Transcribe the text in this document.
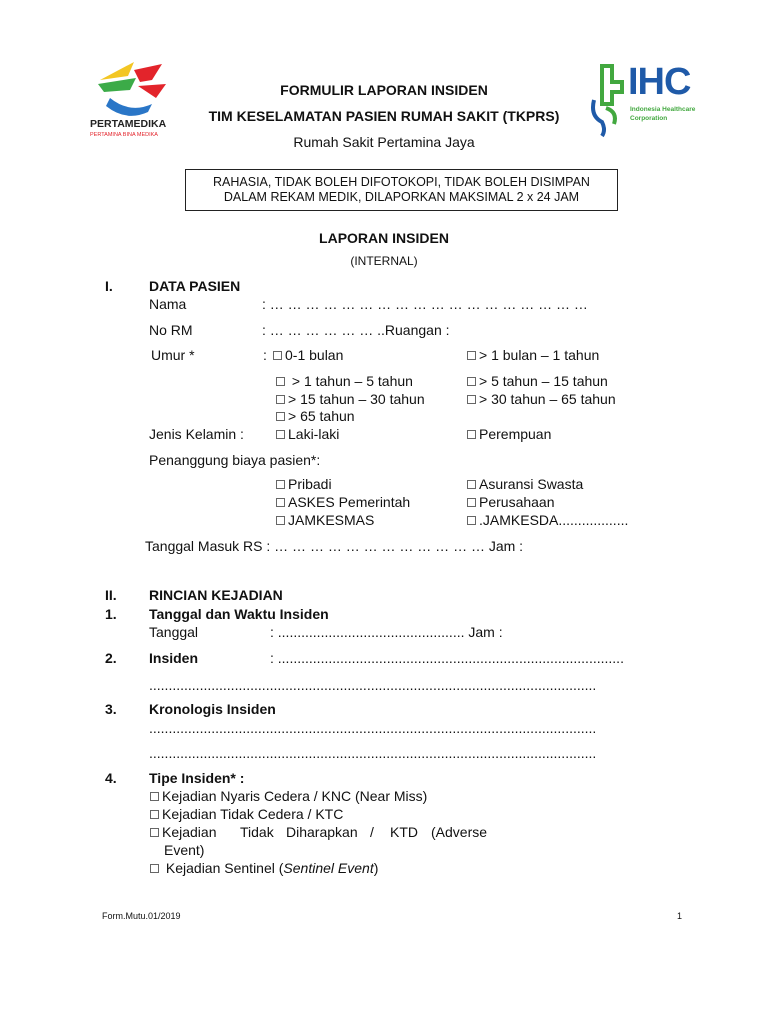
PERTAMEDIKA
PERTAMINA BINA MEDIKA
IHC
Indonesia Healthcare
Corporation
FORMULIR LAPORAN INSIDEN
TIM KESELAMATAN PASIEN RUMAH SAKIT (TKPRS)
Rumah Sakit Pertamina Jaya
RAHASIA, TIDAK BOLEH DIFOTOKOPI, TIDAK BOLEH DISIMPAN
DALAM REKAM MEDIK, DILAPORKAN MAKSIMAL 2 x 24 JAM
LAPORAN INSIDEN
(INTERNAL)
I.	DATA PASIEN
Nama	: … … … … … … … … … … … … … … … … … …
No RM	: … … … … … … ..Ruangan :
Umur *	:	0-1 bulan	> 1 bulan – 1 tahun
> 1 tahun – 5 tahun	> 5 tahun – 15 tahun
> 15 tahun – 30 tahun	> 30 tahun – 65 tahun
> 65 tahun
Jenis Kelamin :	Laki-laki	Perempuan
Penanggung biaya pasien*:
Pribadi	Asuransi Swasta
ASKES Pemerintah	Perusahaan
JAMKESMAS	.JAMKESDA..................
Tanggal Masuk RS : … … … … … … … … … … … … Jam :
II. RINCIAN KEJADIAN
1. Tanggal dan Waktu Insiden
Tanggal	: ................................................ Jam :
2. Insiden	: .........................................................................................
...................................................................................................................
3. Kronologis Insiden
...................................................................................................................
...................................................................................................................
4. Tipe Insiden* :
Kejadian Nyaris Cedera / KNC (Near Miss)
Kejadian Tidak Cedera / KTC
Kejadian Tidak Diharapkan / KTD (Adverse
Event)
Kejadian Sentinel (Sentinel Event)
Form.Mutu.01/2019	1
